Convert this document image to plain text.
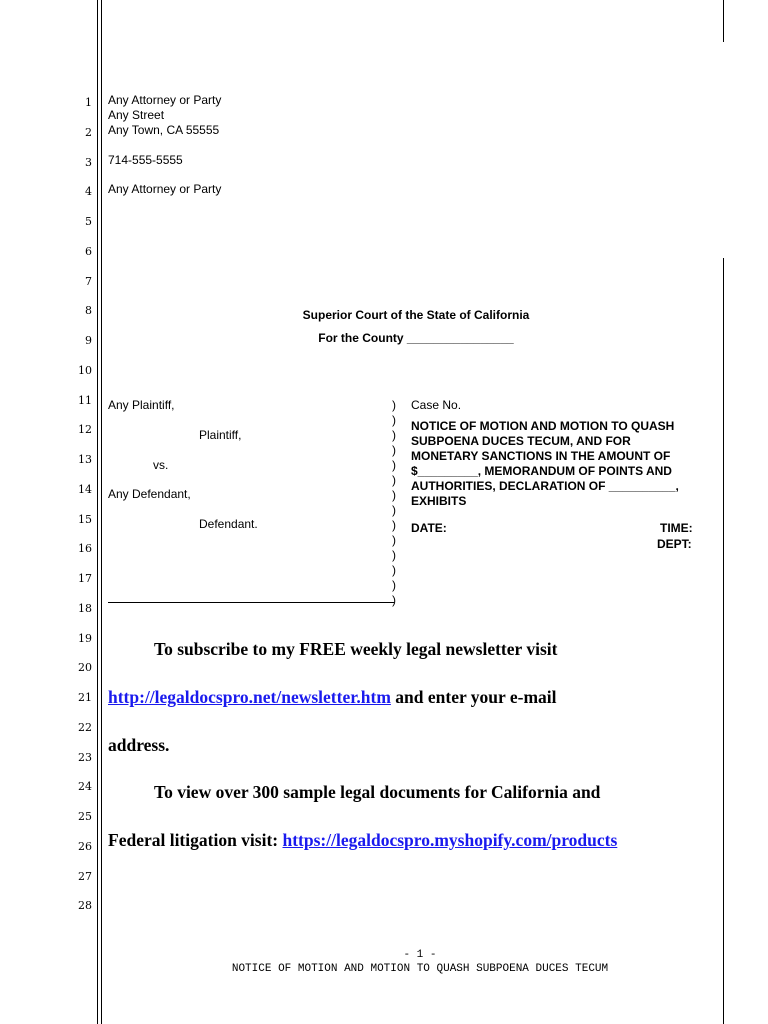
1
2
3
4
5
6
7
8
9
10
11
12
13
14
15
16
17
18
19
20
21
22
23
24
25
26
27
28
Any Attorney or Party
Any Street
Any Town, CA 55555
714-555-5555
Any Attorney or Party
Superior Court of the State of California
For the County ________________
Any Plaintiff,
Plaintiff,
vs.
Any Defendant,
Defendant.
)
)
)
)
)
)
)
)
)
)
)
)
)
)
Case No.
NOTICE OF MOTION AND MOTION TO QUASH
SUBPOENA DUCES TECUM, AND FOR
MONETARY SANCTIONS IN THE AMOUNT OF
$_________, MEMORANDUM OF POINTS AND
AUTHORITIES, DECLARATION OF __________,
EXHIBITS
DATE:	TIME:
DEPT:
To subscribe to my FREE weekly legal newsletter visit
http://legaldocspro.net/newsletter.htm and enter your e-mail
address.
To view over 300 sample legal documents for California and
Federal litigation visit: https://legaldocspro.myshopify.com/products
- 1 -
NOTICE OF MOTION AND MOTION TO QUASH SUBPOENA DUCES TECUM
